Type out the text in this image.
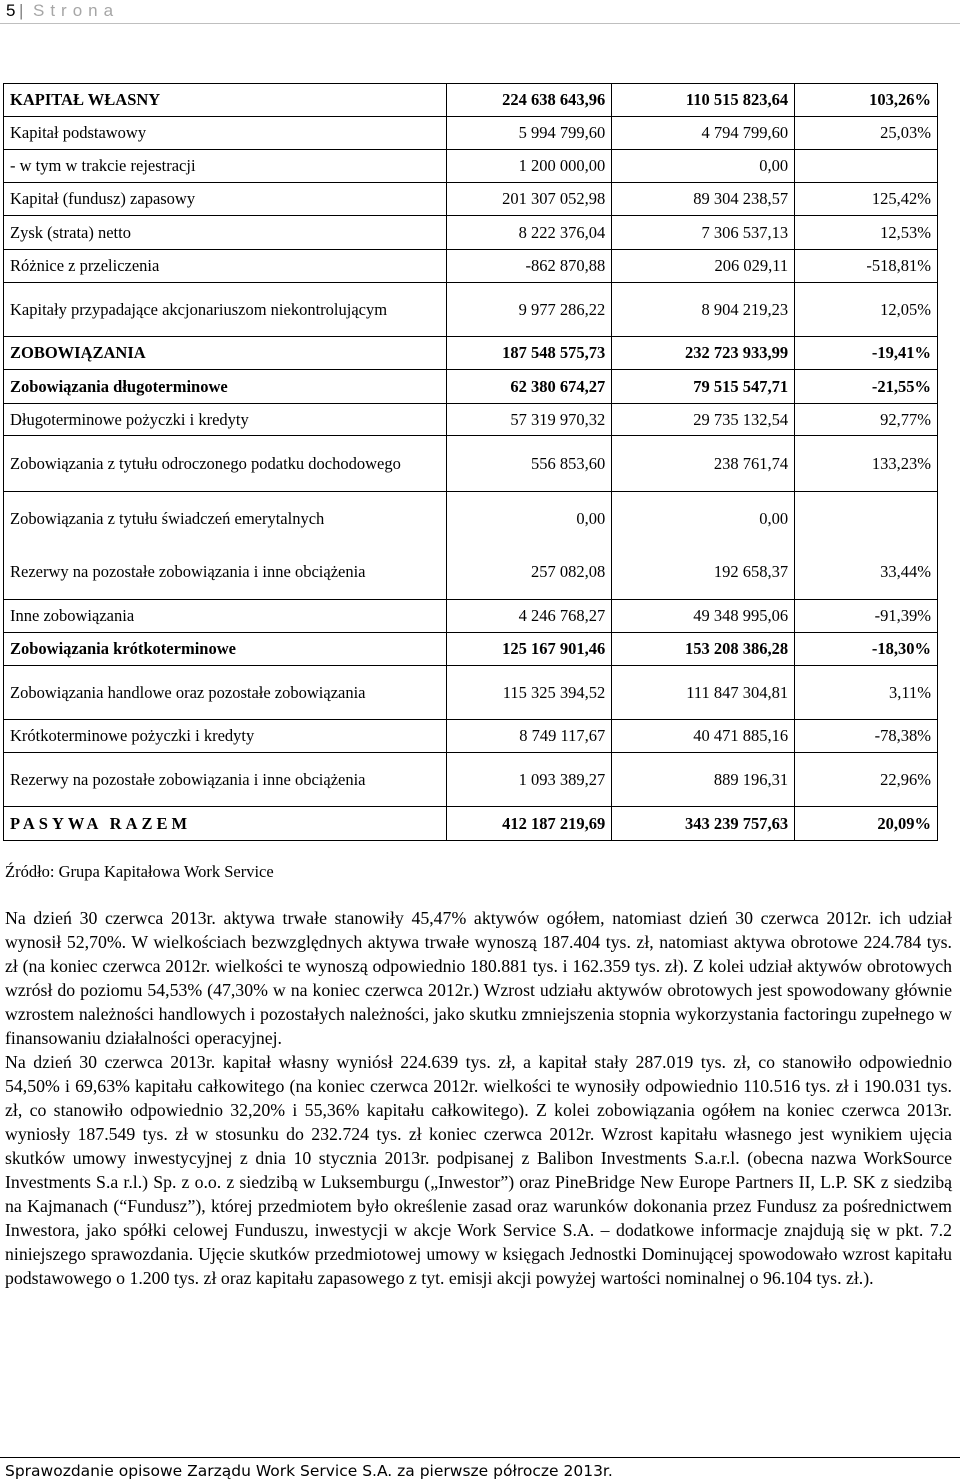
5 | Strona
KAPITAŁ WŁASNY	224 638 643,96	110 515 823,64	103,26%
Kapitał podstawowy	5 994 799,60	4 794 799,60	25,03%
- w tym w trakcie rejestracji	1 200 000,00	0,00	
Kapitał (fundusz) zapasowy	201 307 052,98	89 304 238,57	125,42%
Zysk (strata) netto	8 222 376,04	7 306 537,13	12,53%
Różnice z przeliczenia	-862 870,88	206 029,11	-518,81%
Kapitały przypadające akcjonariuszom niekontrolującym	9 977 286,22	8 904 219,23	12,05%
ZOBOWIĄZANIA	187 548 575,73	232 723 933,99	-19,41%
Zobowiązania długoterminowe	62 380 674,27	79 515 547,71	-21,55%
Długoterminowe pożyczki i kredyty	57 319 970,32	29 735 132,54	92,77%
Zobowiązania z tytułu odroczonego podatku dochodowego	556 853,60	238 761,74	133,23%
Zobowiązania z tytułu świadczeń emerytalnych	0,00	0,00	
Rezerwy na pozostałe zobowiązania i inne obciążenia	257 082,08	192 658,37	33,44%
Inne zobowiązania	4 246 768,27	49 348 995,06	-91,39%
Zobowiązania krótkoterminowe	125 167 901,46	153 208 386,28	-18,30%
Zobowiązania handlowe oraz pozostałe zobowiązania	115 325 394,52	111 847 304,81	3,11%
Krótkoterminowe pożyczki i kredyty	8 749 117,67	40 471 885,16	-78,38%
Rezerwy na pozostałe zobowiązania i inne obciążenia	1 093 389,27	889 196,31	22,96%
PASYWA RAZEM	412 187 219,69	343 239 757,63	20,09%
Źródło: Grupa Kapitałowa Work Service

Na dzień 30 czerwca 2013r. aktywa trwałe stanowiły 45,47% aktywów ogółem, natomiast dzień 30 czerwca 2012r. ich udział wynosił 52,70%. W wielkościach bezwzględnych aktywa trwałe wynoszą 187.404 tys. zł, natomiast aktywa obrotowe 224.784 tys. zł (na koniec czerwca 2012r. wielkości te wynoszą odpowiednio 180.881 tys. i 162.359 tys. zł). Z kolei udział aktywów obrotowych wzrósł do poziomu 54,53% (47,30% w na koniec czerwca 2012r.) Wzrost udziału aktywów obrotowych jest spowodowany głównie wzrostem należności handlowych i pozostałych należności, jako skutku zmniejszenia stopnia wykorzystania factoringu zupełnego w finansowaniu działalności operacyjnej.

Na dzień 30 czerwca 2013r. kapitał własny wyniósł 224.639 tys. zł, a kapitał stały 287.019 tys. zł, co stanowiło odpowiednio 54,50% i 69,63% kapitału całkowitego (na koniec czerwca 2012r. wielkości te wynosiły odpowiednio 110.516 tys. zł i 190.031 tys. zł, co stanowiło odpowiednio 32,20% i 55,36% kapitału całkowitego). Z kolei zobowiązania ogółem na koniec czerwca 2013r. wyniosły 187.549 tys. zł w stosunku do 232.724 tys. zł koniec czerwca 2012r. Wzrost kapitału własnego jest wynikiem ujęcia skutków umowy inwestycyjnej z dnia 10 stycznia 2013r. podpisanej z Balibon Investments S.a.r.l. (obecna nazwa WorkSource Investments S.a r.l.) Sp. z o.o. z siedzibą w Luksemburgu („Inwestor”) oraz PineBridge New Europe Partners II, L.P. SK z siedzibą na Kajmanach (“Fundusz”), której przedmiotem było określenie zasad oraz warunków dokonania przez Fundusz za pośrednictwem Inwestora, jako spółki celowej Funduszu, inwestycji w akcje Work Service S.A. – dodatkowe informacje znajdują się w pkt. 7.2 niniejszego sprawozdania. Ujęcie skutków przedmiotowej umowy w księgach Jednostki Dominującej spowodowało wzrost kapitału podstawowego o 1.200 tys. zł oraz kapitału zapasowego z tyt. emisji akcji powyżej wartości nominalnej o 96.104 tys. zł.).

Sprawozdanie opisowe Zarządu Work Service S.A. za pierwsze półrocze 2013r.
